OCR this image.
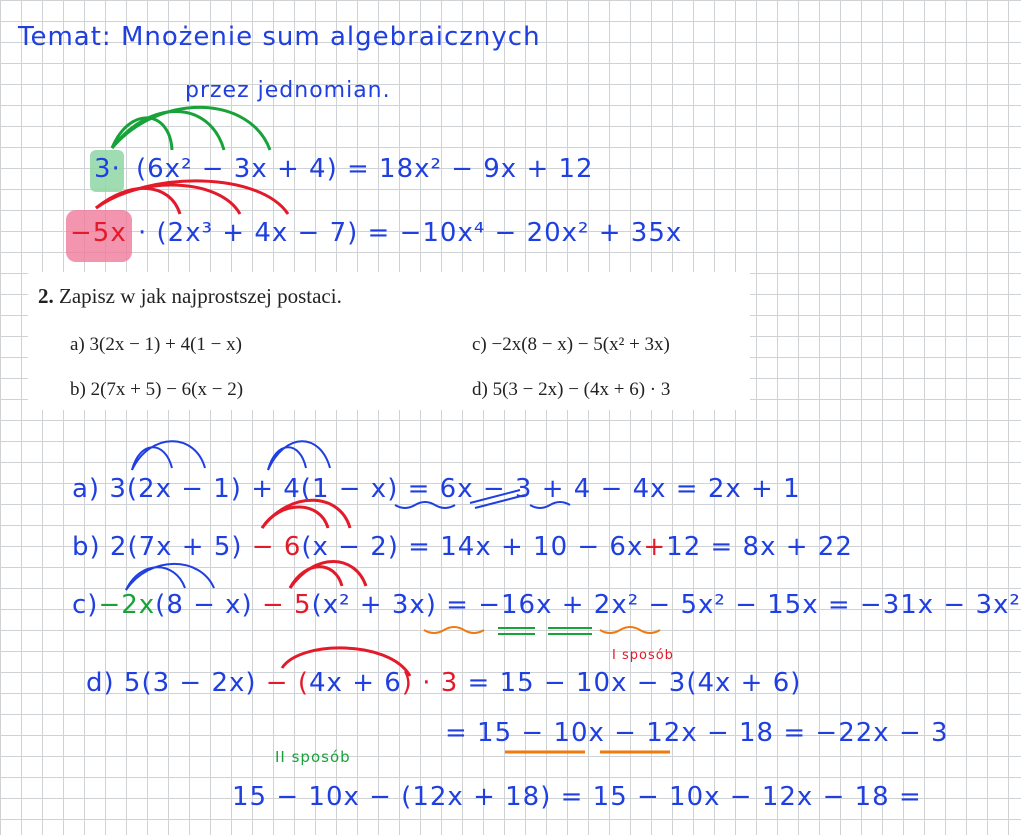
Temat: Mnożenie sum algebraicznych
przez jednomian.
3· (6x² − 3x + 4) = 18x² − 9x + 12
−5x · (2x³ + 4x − 7) = −10x⁴ − 20x² + 35x
2. Zapisz w jak najprostszej postaci.
a) 3(2x − 1) + 4(1 − x)	c) −2x(8 − x) − 5(x² + 3x)
b) 2(7x + 5) − 6(x − 2)	d) 5(3 − 2x) − (4x + 6) · 3
a) 3(2x − 1) + 4(1 − x) = 6x − 3 + 4 − 4x = 2x + 1
b) 2(7x + 5) − 6(x − 2) = 14x + 10 − 6x+12 = 8x + 22
c)−2x(8 − x) − 5(x² + 3x) = −16x + 2x² − 5x² − 15x = −31x − 3x²
I sposób
d) 5(3 − 2x) − (4x + 6) · 3 = 15 − 10x − 3(4x + 6)
= 15 − 10x − 12x − 18 = −22x − 3
II sposób
15 − 10x − (12x + 18) = 15 − 10x − 12x − 18 =
